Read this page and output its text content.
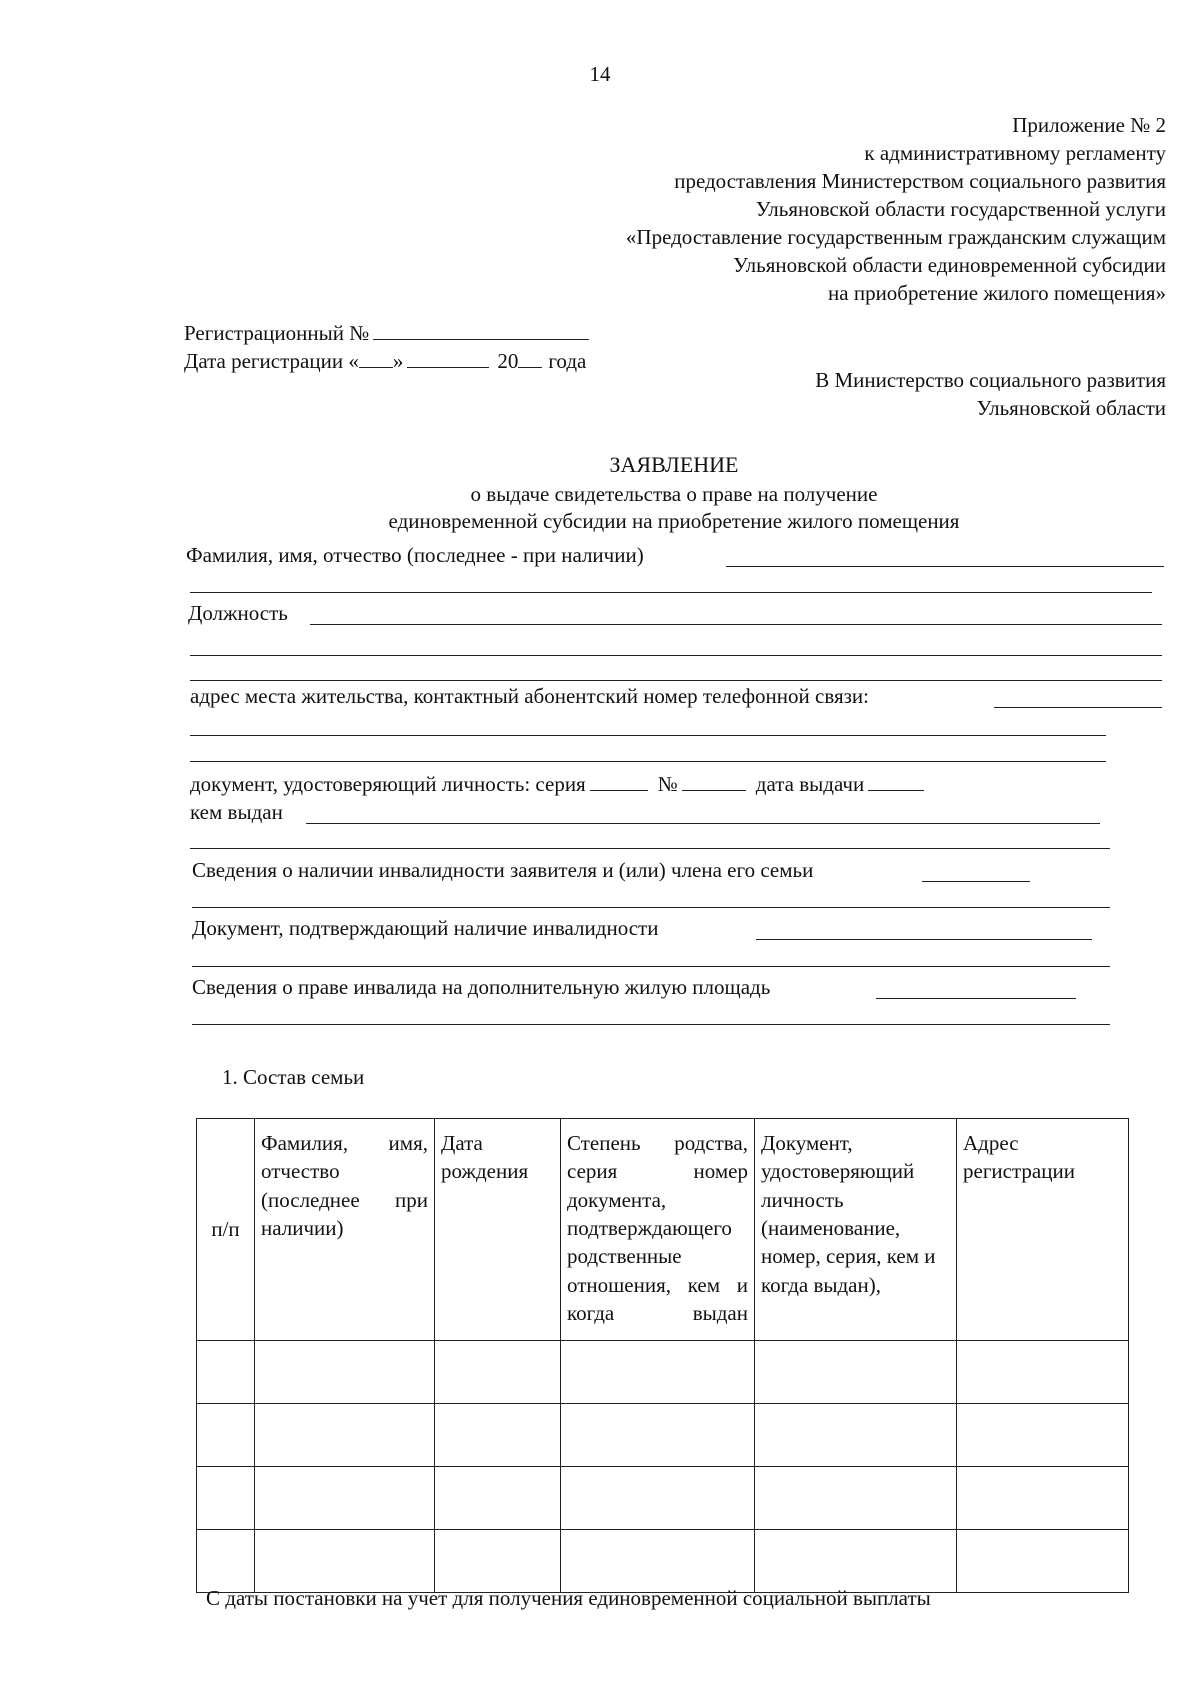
14
Приложение № 2
к административному регламенту
предоставления Министерством социального развития
Ульяновской области государственной услуги
«Предоставление государственным гражданским служащим
Ульяновской области единовременной субсидии
на приобретение жилого помещения»
Регистрационный №
Дата регистрации « »	20 года
В Министерство социального развития
Ульяновской области
ЗАЯВЛЕНИЕ
о выдаче свидетельства о праве на получение
единовременной субсидии на приобретение жилого помещения
Фамилия, имя, отчество (последнее - при наличии)
Должность
адрес места жительства, контактный абонентский номер телефонной связи:
документ, удостоверяющий личность: серия	№	дата выдачи
кем выдан
Сведения о наличии инвалидности заявителя и (или) члена его семьи
Документ, подтверждающий наличие инвалидности
Сведения о праве инвалида на дополнительную жилую площадь
1. Состав семьи
п/п	Фамилия, имя, отчество (последнее при наличии)	Дата рождения	Степень родства, серия номер документа, подтверждающего родственные отношения, кем и когда выдан	Документ, удостоверяющий личность (наименование, номер, серия, кем и когда выдан),	Адрес регистрации

С даты постановки на учет для получения единовременной социальной выплаты
